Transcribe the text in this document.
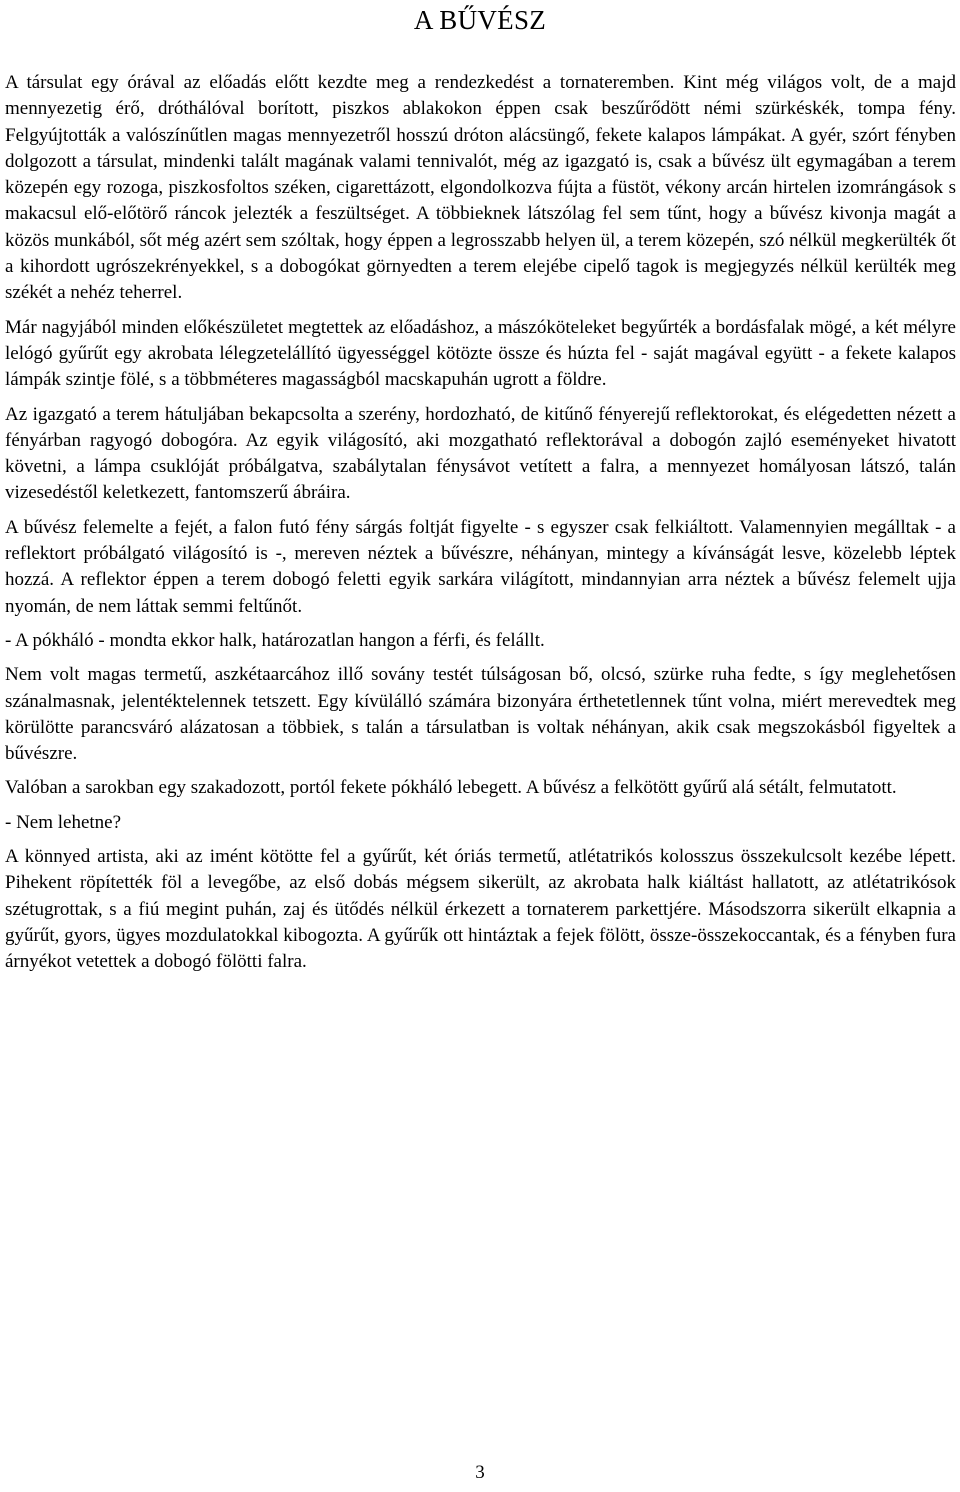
A BŰVÉSZ

A társulat egy órával az előadás előtt kezdte meg a rendezkedést a tornateremben. Kint még világos volt, de a majd mennyezetig érő, dróthálóval borított, piszkos ablakokon éppen csak beszűrődött némi szürkéskék, tompa fény. Felgyújtották a valószínűtlen magas mennyezetről hosszú dróton alácsüngő, fekete kalapos lámpákat. A gyér, szórt fényben dolgozott a társulat, mindenki talált magának valami tennivalót, még az igazgató is, csak a bűvész ült egymagában a terem közepén egy rozoga, piszkosfoltos széken, cigarettázott, elgondolkozva fújta a füstöt, vékony arcán hirtelen izomrángások s makacsul elő-előtörő ráncok jelezték a feszültséget. A többieknek látszólag fel sem tűnt, hogy a bűvész kivonja magát a közös munkából, sőt még azért sem szóltak, hogy éppen a legrosszabb helyen ül, a terem közepén, szó nélkül megkerülték őt a kihordott ugrószekrényekkel, s a dobogókat görnyedten a terem elejébe cipelő tagok is megjegyzés nélkül kerülték meg székét a nehéz teherrel.

Már nagyjából minden előkészületet megtettek az előadáshoz, a mászóköteleket begyűrték a bordásfalak mögé, a két mélyre lelógó gyűrűt egy akrobata lélegzetelállító ügyességgel kötözte össze és húzta fel - saját magával együtt - a fekete kalapos lámpák szintje fölé, s a többméteres magasságból macskapuhán ugrott a földre.

Az igazgató a terem hátuljában bekapcsolta a szerény, hordozható, de kitűnő fényerejű reflektorokat, és elégedetten nézett a fényárban ragyogó dobogóra. Az egyik világosító, aki mozgatható reflektorával a dobogón zajló eseményeket hivatott követni, a lámpa csuklóját próbálgatva, szabálytalan fénysávot vetített a falra, a mennyezet homályosan látszó, talán vizesedéstől keletkezett, fantomszerű ábráira.

A bűvész felemelte a fejét, a falon futó fény sárgás foltját figyelte - s egyszer csak felkiáltott. Valamennyien megálltak - a reflektort próbálgató világosító is -, mereven néztek a bűvészre, néhányan, mintegy a kívánságát lesve, közelebb léptek hozzá. A reflektor éppen a terem dobogó feletti egyik sarkára világított, mindannyian arra néztek a bűvész felemelt ujja nyomán, de nem láttak semmi feltűnőt.

- A pókháló - mondta ekkor halk, határozatlan hangon a férfi, és felállt.

Nem volt magas termetű, aszkétaarcához illő sovány testét túlságosan bő, olcsó, szürke ruha fedte, s így meglehetősen szánalmasnak, jelentéktelennek tetszett. Egy kívülálló számára bizonyára érthetetlennek tűnt volna, miért merevedtek meg körülötte parancsváró alázatosan a többiek, s talán a társulatban is voltak néhányan, akik csak megszokásból figyeltek a bűvészre.

Valóban a sarokban egy szakadozott, portól fekete pókháló lebegett. A bűvész a felkötött gyűrű alá sétált, felmutatott.

- Nem lehetne?

A könnyed artista, aki az imént kötötte fel a gyűrűt, két óriás termetű, atlétatrikós kolosszus összekulcsolt kezébe lépett. Pihekent röpítették föl a levegőbe, az első dobás mégsem sikerült, az akrobata halk kiáltást hallatott, az atlétatrikósok szétugrottak, s a fiú megint puhán, zaj és ütődés nélkül érkezett a tornaterem parkettjére. Másodszorra sikerült elkapnia a gyűrűt, gyors, ügyes mozdulatokkal kibogozta. A gyűrűk ott hintáztak a fejek fölött, össze-összekoccantak, és a fényben fura árnyékot vetettek a dobogó fölötti falra.

3
